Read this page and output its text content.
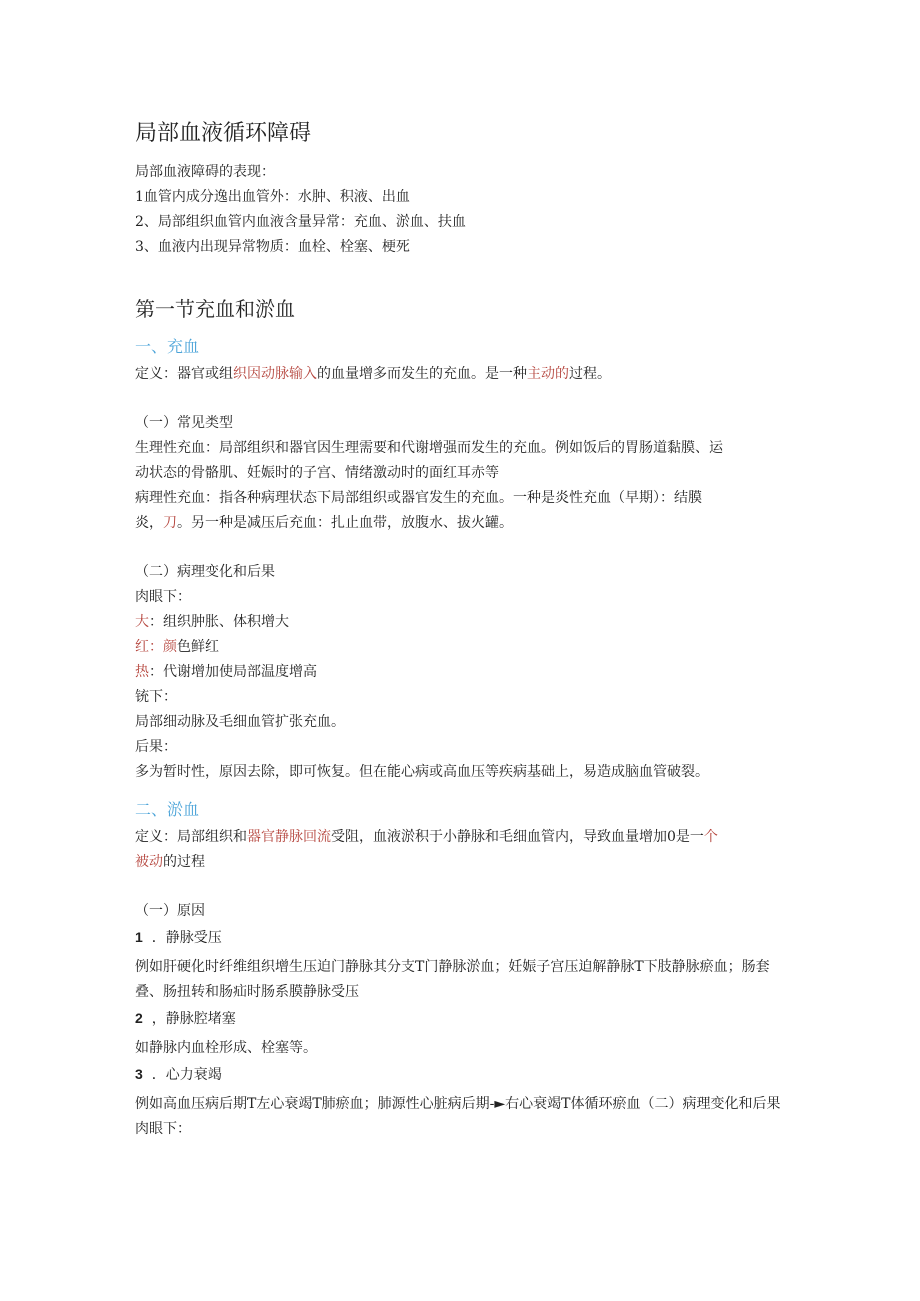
局部血液循环障碍

局部血液障碍的表现：

1血管内成分逸出血管外：水肿、积液、出血

2、局部组织血管内血液含量异常：充血、淤血、扶血

3、血液内出现异常物质：血栓、栓塞、梗死

第一节充血和淤血
一、充血

定义：器官或组织因动脉输入的血量增多而发生的充血。是一种主动的过程。

（一）常见类型

生理性充血：局部组织和器官因生理需要和代谢增强而发生的充血。例如饭后的胃肠道黏膜、运

动状态的骨骼肌、妊娠时的子宫、情绪激动时的面红耳赤等

病理性充血：指各种病理状态下局部组织或器官发生的充血。一种是炎性充血（早期）：结膜

炎，刀。另一种是减压后充血：扎止血带，放腹水、拔火罐。

（二）病理变化和后果

肉眼下：

大：组织肿胀、体积增大

红：颜色鲜红

热：代谢增加使局部温度增高

铳下：

局部细动脉及毛细血管扩张充血。

后果：

多为暂时性，原因去除，即可恢复。但在能心病或高血压等疾病基础上，易造成脑血管破裂。

二、淤血

定义：局部组织和器官静脉回流受阻，血液淤积于小静脉和毛细血管内，导致血量增加0是一个
被动的过程

（一）原因

1 ．静脉受压

例如肝硬化时纤维组织增生压迫门静脉其分支T门静脉淤血；妊娠子宫压迫解静脉T下肢静脉瘀血；肠套叠、肠扭转和肠疝时肠系膜静脉受压

2 ，静脉腔堵塞

如静脉内血栓形成、栓塞等。

3 ．心力衰竭

例如高血压病后期T左心衰竭T肺瘀血；肺源性心脏病后期-►右心衰竭T体循环瘀血（二）病理变化和后果

肉眼下：
